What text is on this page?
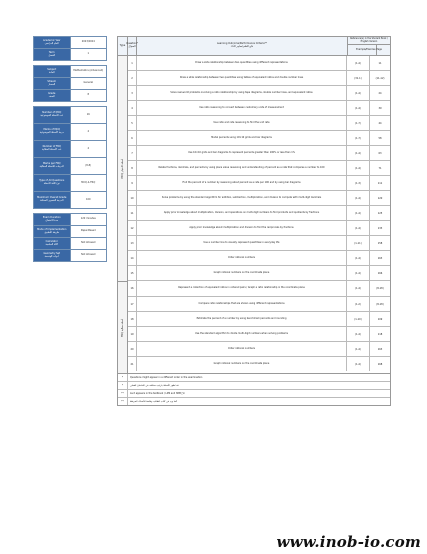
Academic Year
العام الدراسي	2023/2024
Term
الفصل	1
Subject
المادة	Mathematics (Advanced)
Stream
المسار	General
Grade
الصف	8
Number of MCQ
عدد الأسئلة الموضوعية	16
Marks of MCQ
درجة الأسئلة الموضوعية	4
Number of FRQ
عدد الأسئلة المقالية	4
Marks per FRQ
الدرجات للأسئلة المقالية	(8-8)
Type of All Questions
نوع كافة الأسئلة	MCQ & FRQ
Maximum Overall Grade
الدرجة القصوى الممكنة	100
Exam Duration
مدة الامتحان	120 minutes
Mode of Implementation
طريقة التطبيق	Paper-Based
Calculator
الآلة الحاسبة	Not Allowed
Geometry Set
أدوات الهندسة	Not Allowed
Type Question*
السؤال
Learning Outcome/Performance Criteria**
نتاج التعلم/معايير الأداء
Reference(s) in the Student Book / English Version
Example/Exercise Page
MCQ أسئلة الاختيار
FRQ أسئلة مقالية
1	Draw a slide relationship between two quantities using different representations	(1-4)	11
2	Draw a slide relationship between two quantities using tables of equivalent ratios and double number lines	(31-1)	(11-12)
3	Solve real-world problems involving a ratio relationship by using tape diagrams, double number lines, and equivalent ratios	(1-4)	24
4	Use ratio reasoning to convert between customary units of measurement	(1-4)	39
5	Use ratio and rate reasoning to find the unit rate	(1-7)	44
6	Model percents using 10×10 grids and bar diagrams	(1-7)	58
7	Use 10×10 grids and bar diagrams to represent percents greater than 100% or less than 1%	(1-4)	63
8	Relate fractions, decimals, and percents by using place value reasoning and understanding of percent as a rate that compares a number to 100	(1-4)	71
9	Find the percent of a number by reasoning about percent as a rate per 100 and by using bar diagrams	(1-3)	111
10	Solve problems by using the standard algorithm for addition, subtraction, multiplication, and division to compute with multi-digit decimals	(1-4)	120
11	Apply prior knowledge about multiplication, division, and operations on multi-digit numbers to find products and quotients by fractions	(1-4)	125
12	Apply prior knowledge about multiplication and division to find the reciprocals by fractions	(1-4)	133
13	Use a number line to visually represent quantities in everyday life	(1-11)	158
14	Order rational numbers	(1-4)	163
15	Graph rational numbers on the coordinate plane	(1-4)	166
16	Represent a collection of equivalent ratios in ordered pairs / Graph a ratio relationship in the coordinate plane	(1-4)	(8-18)
17	Compare ratio relationships that are shown using different representations	(1-2)	(8-18)
18	Estimate the percent of a number by using benchmark percents and rounding	(1-10)	109
19	Use the standard algorithm to divide multi-digit numbers when solving problems	(1-4)	118
20	Order rational numbers	(1-4)	163
21	Graph rational numbers on the coordinate plane	(1-4)	168
*	Questions might appear in a different order in the examination
*	قد تظهر الأسئلة بترتيب مختلف في الامتحان الفعلي
**	As it appears in the textbook / LMS and SMM_Vi
**	كما ورد في كتاب الطالب وقائمة الأهداف المرفقة
www.inob-io.com
